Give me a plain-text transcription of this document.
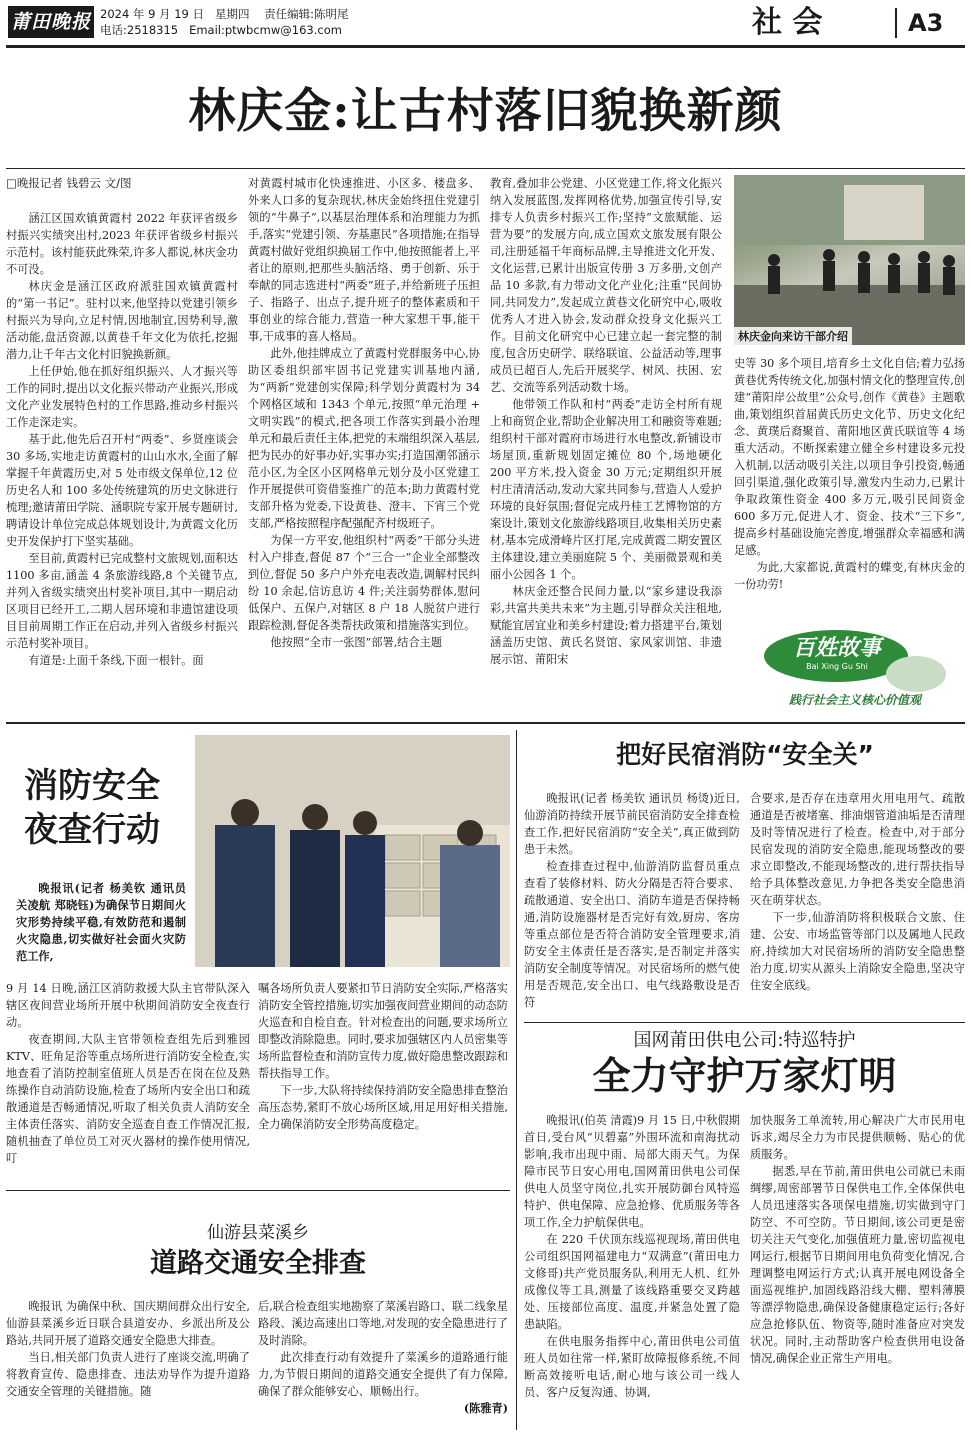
莆田晚报 2024 年 9 月 19 日 星期四 责任编辑:陈明尾
电话:2518315 Email:ptwbcmw@163.com	社 会	A3
林庆金:让古村落旧貌换新颜

□晚报记者 钱碧云 文/图

涵江区国欢镇黄霞村 2022 年获评省级乡村振兴实绩突出村,2023 年获评省级乡村振兴示范村。该村能获此殊荣,许多人都说,林庆金功不可没。

林庆金是涵江区政府派驻国欢镇黄霞村的“第一书记”。驻村以来,他坚持以党建引领乡村振兴为导向,立足村情,因地制宜,因势利导,激活动能,盘活资源,以黄巷千年文化为依托,挖掘潜力,让千年古文化村旧貌换新颜。

上任伊始,他在抓好组织振兴、人才振兴等工作的同时,提出以文化振兴带动产业振兴,形成文化产业发展特色村的工作思路,推动乡村振兴工作走深走实。

基于此,他先后召开村“两委”、乡贤座谈会 30 多场,实地走访黄霞村的山山水水,全面了解掌握千年黄霞历史,对 5 处市级文保单位,12 位历史名人和 100 多处传统建筑的历史文脉进行梳理;邀请莆田学院、涵职院专家开展专题研讨,聘请设计单位完成总体规划设计,为黄霞文化历史开发保护打下坚实基础。

至目前,黄霞村已完成整村文旅规划,面积达 1100 多亩,涵盖 4 条旅游线路,8 个关键节点,并列入省级实绩突出村奖补项目,其中一期启动区项目已经开工,二期人居环境和非遗馆建设项目目前周期工作正在启动,并列入省级乡村振兴示范村奖补项目。

有道是:上面千条线,下面一根针。面

对黄霞村城市化快速推进、小区多、楼盘多、外来人口多的复杂现状,林庆金始终扭住党建引领的“牛鼻子”,以基层治理体系和治理能力为抓手,落实“党建引领、夯基惠民”各项措施;在指导黄霞村做好党组织换届工作中,他按照能者上,平者让的原则,把那些头脑活络、勇于创新、乐于奉献的同志选进村“两委”班子,并给新班子压担子、指路子、出点子,提升班子的整体素质和干事创业的综合能力,营造一种大家想干事,能干事,干成事的喜人格局。

此外,他挂牌成立了黄霞村党群服务中心,协助区委组织部牢固书记党建实训基地内涵,为“两新”党建创实保障;科学划分黄霞村为 34 个网格区域和 1343 个单元,按照“单元治理 + 文明实践”的模式,把各项工作落实到最小治理单元和最后责任主体,把党的末端组织深入基层,把为民办的好事办好,实事办实;打造国潮邻涵示范小区,为全区小区网格单元划分及小区党建工作开展提供可资借鉴推广的范本;助力黄霞村党支部升格为党委,下设黄巷、澄丰、下宵三个党支部,严格按照程序配强配齐村级班子。

为保一方平安,他组织村“两委”干部分头进村入户排查,督促 87 个“三合一”企业全部整改到位,督促 50 多户户外充电表改造,调解村民纠纷 10 余起,信访息访 4 件;关注弱势群体,慰问低保户、五保户,对辖区 8 户 18 人脱贫户进行跟踪检测,督促各类帮扶政策和措施落实到位。

他按照“全市一张图”部署,结合主题

教育,叠加非公党建、小区党建工作,将文化振兴纳入发展蓝图,发挥网格优势,加强宣传引导,安排专人负责乡村振兴工作;坚持“文旅赋能、运营为要”的发展方向,成立国欢文旅发展有限公司,注册延福千年商标品牌,主导推进文化开发、文化运营,已累计出版宣传册 3 万多册,文创产品 10 多款,有力带动文化产业化;注重“民间协同,共同发力”,发起成立黄巷文化研究中心,吸收优秀人才进入协会,发动群众投身文化振兴工作。目前文化研究中心已建立起一套完整的制度,包含历史研学、联络联谊、公益活动等,理事成员已超百人,先后开展奖学、树风、扶困、宏艺、交流等系列活动数十场。

他带领工作队和村“两委”走访全村所有规上和商贸企业,帮助企业解决用工和融资等难题;组织村干部对霞府市场进行水电整改,新铺设市场屋顶,重新规划固定摊位 80 个,场地硬化 200 平方米,投入资金 30 万元;定期组织开展村庄清清活动,发动大家共同参与,营造人人爱护环境的良好氛围;督促完成丹桂工艺博物馆的方案设计,策划文化旅游线路项目,收集相关历史素材,基本完成滑峰片区打尾,完成黄霞二期安置区主体建设,建立美丽庭院 5 个、美丽微景观和美丽小公园各 1 个。

林庆金还整合民间力量,以“家乡建设我添彩,共富共美共未来”为主题,引导群众关注租地,赋能宜居宜业和美乡村建设;着力搭建平台,策划涵盖历史馆、黄氏名贤馆、家风家训馆、非遗展示馆、莆阳宋

林庆金向来访干部介绍

史等 30 多个项目,培育乡土文化自信;着力弘扬黄巷优秀传统文化,加强村情文化的整理宣传,创建“莆阳岸公故里”公众号,创作《黄巷》主题歌曲,策划组织首届黄氏历史文化节、历史文化纪念、黄璞后裔聚首、莆阳地区黄氏联谊等 4 场重大活动。不断探索建立健全乡村建设多元投入机制,以活动吸引关注,以项目争引投资,畅通回引渠道,强化政策引导,激发内生动力,已累计争取政策性资金 400 多万元,吸引民间资金 600 多万元,促进人才、资金、技术“三下乡”,提高乡村基础设施完善度,增强群众幸福感和满足感。

为此,大家都说,黄霞村的蝶变,有林庆金的一份功劳!

百姓故事
Bai Xing Gu Shi
践行社会主义核心价值观
消防安全
夜查行动

晚报讯(记者 杨美钦 通讯员 关凌航 郑晓钰)为确保节日期间火灾形势持续平稳,有效防范和遏制火灾隐患,切实做好社会面火灾防范工作,

9 月 14 日晚,涵江区消防救援大队主官带队深入辖区夜间营业场所开展中秋期间消防安全夜查行动。

夜查期间,大队主官带领检查组先后到雅园 KTV、旺角足浴等重点场所进行消防安全检查,实地查看了消防控制室值班人员是否在岗在位及熟练操作自动消防设施,检查了场所内安全出口和疏散通道是否畅通情况,听取了相关负责人消防安全主体责任落实、消防安全巡查自查工作情况汇报,随机抽查了单位员工对灭火器材的操作使用情况,叮

嘱各场所负责人要紧扣节日消防安全实际,严格落实消防安全管控措施,切实加强夜间营业期间的动态防火巡查和自检自查。针对检查出的问题,要求场所立即整改消除隐患。同时,要求加强辖区内人员密集等场所监督检查和消防宣传力度,做好隐患整改跟踪和帮扶指导工作。

下一步,大队将持续保持消防安全隐患排查整治高压态势,紧盯不放心场所区域,用足用好相关措施,全力确保消防安全形势高度稳定。

把好民宿消防“安全关”

晚报讯(记者 杨美钦 通讯员 杨烫)近日,仙游消防持续开展节前民宿消防安全排查检查工作,把好民宿消防“安全关”,真正做到防患于未然。

检查排查过程中,仙游消防监督员重点查看了装修材料、防火分隔是否符合要求、疏散通道、安全出口、消防车道是否保持畅通,消防设施器材是否完好有效,厨房、客房等重点部位是否符合消防安全管理要求,消防安全主体责任是否落实,是否制定并落实消防安全制度等情况。对民宿场所的燃气使用是否规范,安全出口、电气线路敷设是否符

合要求,是否存在违章用火用电用气、疏散通道是否被堵塞、排油烟管道油垢是否清理及时等情况进行了检查。检查中,对于部分民宿发现的消防安全隐患,能现场整改的要求立即整改,不能现场整改的,进行帮扶指导给予具体整改意见,力争把各类安全隐患消灭在萌芽状态。

下一步,仙游消防将积极联合文旅、住建、公安、市场监管等部门以及属地人民政府,持续加大对民宿场所的消防安全隐患整治力度,切实从源头上消除安全隐患,坚决守住安全底线。

国网莆田供电公司:特巡特护
全力守护万家灯明

晚报讯(伯英 清霞)9 月 15 日,中秋假期首日,受台风“贝碧嘉”外围环流和南海扰动影响,我市出现中雨、局部大雨天气。为保障市民节日安心用电,国网莆田供电公司保供电人员坚守岗位,扎实开展防御台风特巡特护、供电保障、应急抢修、优质服务等各项工作,全力护航保供电。

在 220 千伏顶东线巡视现场,莆田供电公司组织国网福建电力“双满意”(莆田电力文修哥)共产党员服务队,利用无人机、红外成像仪等工具,测量了该线路重要交叉跨越处、压接部位高度、温度,并紧急处置了隐患缺陷。

在供电服务指挥中心,莆田供电公司值班人员如往常一样,紧盯故障报修系统,不间断高效接听电话,耐心地与该公司一线人员、客户反复沟通、协调,

加快服务工单流转,用心解决广大市民用电诉求,竭尽全力为市民提供顺畅、贴心的优质服务。

据悉,早在节前,莆田供电公司就已未雨绸缪,周密部署节日保供电工作,全体保供电人员迅速落实各项保电措施,切实做到守门防空、不可空防。节日期间,该公司更是密切关注天气变化,加强值班力量,密切监视电网运行,根据节日期间用电负荷变化情况,合理调整电网运行方式;认真开展电网设备全面巡视维护,加固线路沿线大棚、塑料薄膜等漂浮物隐患,确保设备健康稳定运行;各好应急抢修队伍、物资等,随时准备应对突发状况。同时,主动帮助客户检查供用电设备情况,确保企业正常生产用电。

仙游县菜溪乡
道路交通安全排查

晚报讯 为确保中秋、国庆期间群众出行安全,仙游县菜溪乡近日联合县道安办、乡派出所及公路站,共同开展了道路交通安全隐患大排查。

当日,相关部门负责人进行了座谈交流,明确了将教育宣传、隐患排查、违法劝导作为提升道路交通安全管理的关键措施。随

后,联合检查组实地勘察了菜溪岩路口、联二线象星路段、溪边高速出口等地,对发现的安全隐患进行了及时消除。

此次排查行动有效提升了菜溪乡的道路通行能力,为节假日期间的道路交通安全提供了有力保障,确保了群众能够安心、顺畅出行。

(陈雅青)
